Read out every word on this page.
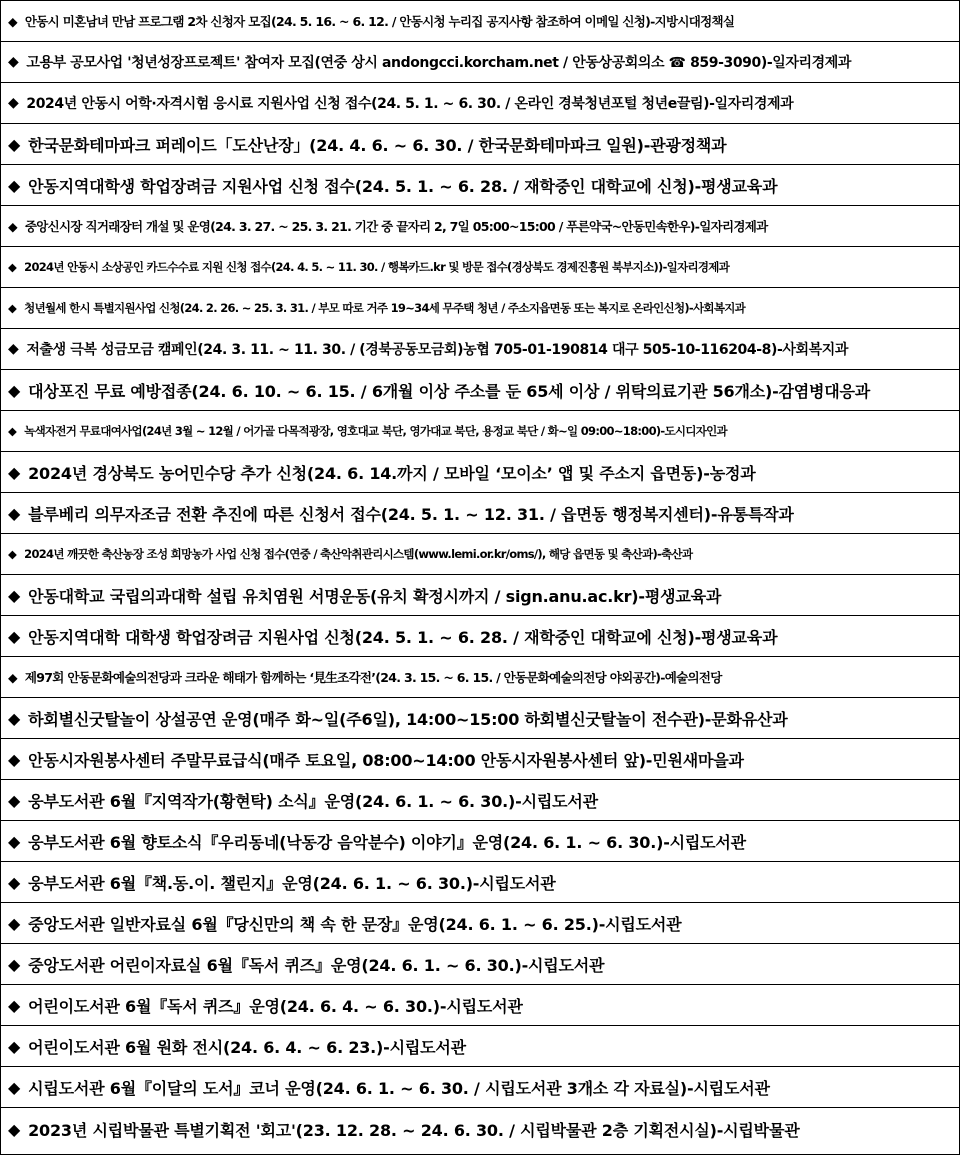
◆ 안동시 미혼남녀 만남 프로그램 2차 신청자 모집(24. 5. 16. ~ 6. 12. / 안동시청 누리집 공지사항 참조하여 이메일 신청)-지방시대정책실
◆ 고용부 공모사업 '청년성장프로젝트' 참여자 모집(연중 상시 andongcci.korcham.net / 안동상공회의소 ☎ 859-3090)-일자리경제과
◆ 2024년 안동시 어학·자격시험 응시료 지원사업 신청 접수(24. 5. 1. ~ 6. 30. / 온라인 경북청년포털 청년e끌림)-일자리경제과
◆ 한국문화테마파크 퍼레이드「도산난장」(24. 4. 6. ~ 6. 30. / 한국문화테마파크 일원)-관광정책과
◆ 안동지역대학생 학업장려금 지원사업 신청 접수(24. 5. 1. ~ 6. 28. / 재학중인 대학교에 신청)-평생교육과
◆ 중앙신시장 직거래장터 개설 및 운영(24. 3. 27. ~ 25. 3. 21. 기간 중 끝자리 2, 7일 05:00~15:00 / 푸른약국~안동민속한우)-일자리경제과
◆ 2024년 안동시 소상공인 카드수수료 지원 신청 접수(24. 4. 5. ~ 11. 30. / 행복카드.kr 및 방문 접수(경상북도 경제진흥원 북부지소))-일자리경제과
◆ 청년월세 한시 특별지원사업 신청(24. 2. 26. ~ 25. 3. 31. / 부모 따로 거주 19~34세 무주택 청년 / 주소지읍면동 또는 복지로 온라인신청)-사회복지과
◆ 저출생 극복 성금모금 캠페인(24. 3. 11. ~ 11. 30. / (경북공동모금회)농협 705-01-190814 대구 505-10-116204-8)-사회복지과
◆ 대상포진 무료 예방접종(24. 6. 10. ~ 6. 15. / 6개월 이상 주소를 둔 65세 이상 / 위탁의료기관 56개소)-감염병대응과
◆ 녹색자전거 무료대여사업(24년 3월 ~ 12월 / 어가골 다목적광장, 영호대교 북단, 영가대교 북단, 용정교 북단 / 화~일 09:00~18:00)-도시디자인과
◆ 2024년 경상북도 농어민수당 추가 신청(24. 6. 14.까지 / 모바일 ‘모이소’ 앱 및 주소지 읍면동)-농정과
◆ 블루베리 의무자조금 전환 추진에 따른 신청서 접수(24. 5. 1. ~ 12. 31. / 읍면동 행정복지센터)-유통특작과
◆ 2024년 깨끗한 축산농장 조성 희망농가 사업 신청 접수(연중 / 축산악취관리시스템(www.lemi.or.kr/oms/), 해당 읍면동 및 축산과)-축산과
◆ 안동대학교 국립의과대학 설립 유치염원 서명운동(유치 확정시까지 / sign.anu.ac.kr)-평생교육과
◆ 안동지역대학 대학생 학업장려금 지원사업 신청(24. 5. 1. ~ 6. 28. / 재학중인 대학교에 신청)-평생교육과
◆ 제97회 안동문화예술의전당과 크라운 해태가 함께하는 ‘見生조각전’(24. 3. 15. ~ 6. 15. / 안동문화예술의전당 야외공간)-예술의전당
◆ 하회별신굿탈놀이 상설공연 운영(매주 화~일(주6일), 14:00~15:00 하회별신굿탈놀이 전수관)-문화유산과
◆ 안동시자원봉사센터 주말무료급식(매주 토요일, 08:00~14:00 안동시자원봉사센터 앞)-민원새마을과
◆ 웅부도서관 6월『지역작가(황현탁) 소식』운영(24. 6. 1. ~ 6. 30.)-시립도서관
◆ 웅부도서관 6월 향토소식『우리동네(낙동강 음악분수) 이야기』운영(24. 6. 1. ~ 6. 30.)-시립도서관
◆ 웅부도서관 6월『책.동.이. 챌린지』운영(24. 6. 1. ~ 6. 30.)-시립도서관
◆ 중앙도서관 일반자료실 6월『당신만의 책 속 한 문장』운영(24. 6. 1. ~ 6. 25.)-시립도서관
◆ 중앙도서관 어린이자료실 6월『독서 퀴즈』운영(24. 6. 1. ~ 6. 30.)-시립도서관
◆ 어린이도서관 6월『독서 퀴즈』운영(24. 6. 4. ~ 6. 30.)-시립도서관
◆ 어린이도서관 6월 원화 전시(24. 6. 4. ~ 6. 23.)-시립도서관
◆ 시립도서관 6월『이달의 도서』코너 운영(24. 6. 1. ~ 6. 30. / 시립도서관 3개소 각 자료실)-시립도서관
◆ 2023년 시립박물관 특별기획전 '회고'(23. 12. 28. ~ 24. 6. 30. / 시립박물관 2층 기획전시실)-시립박물관
